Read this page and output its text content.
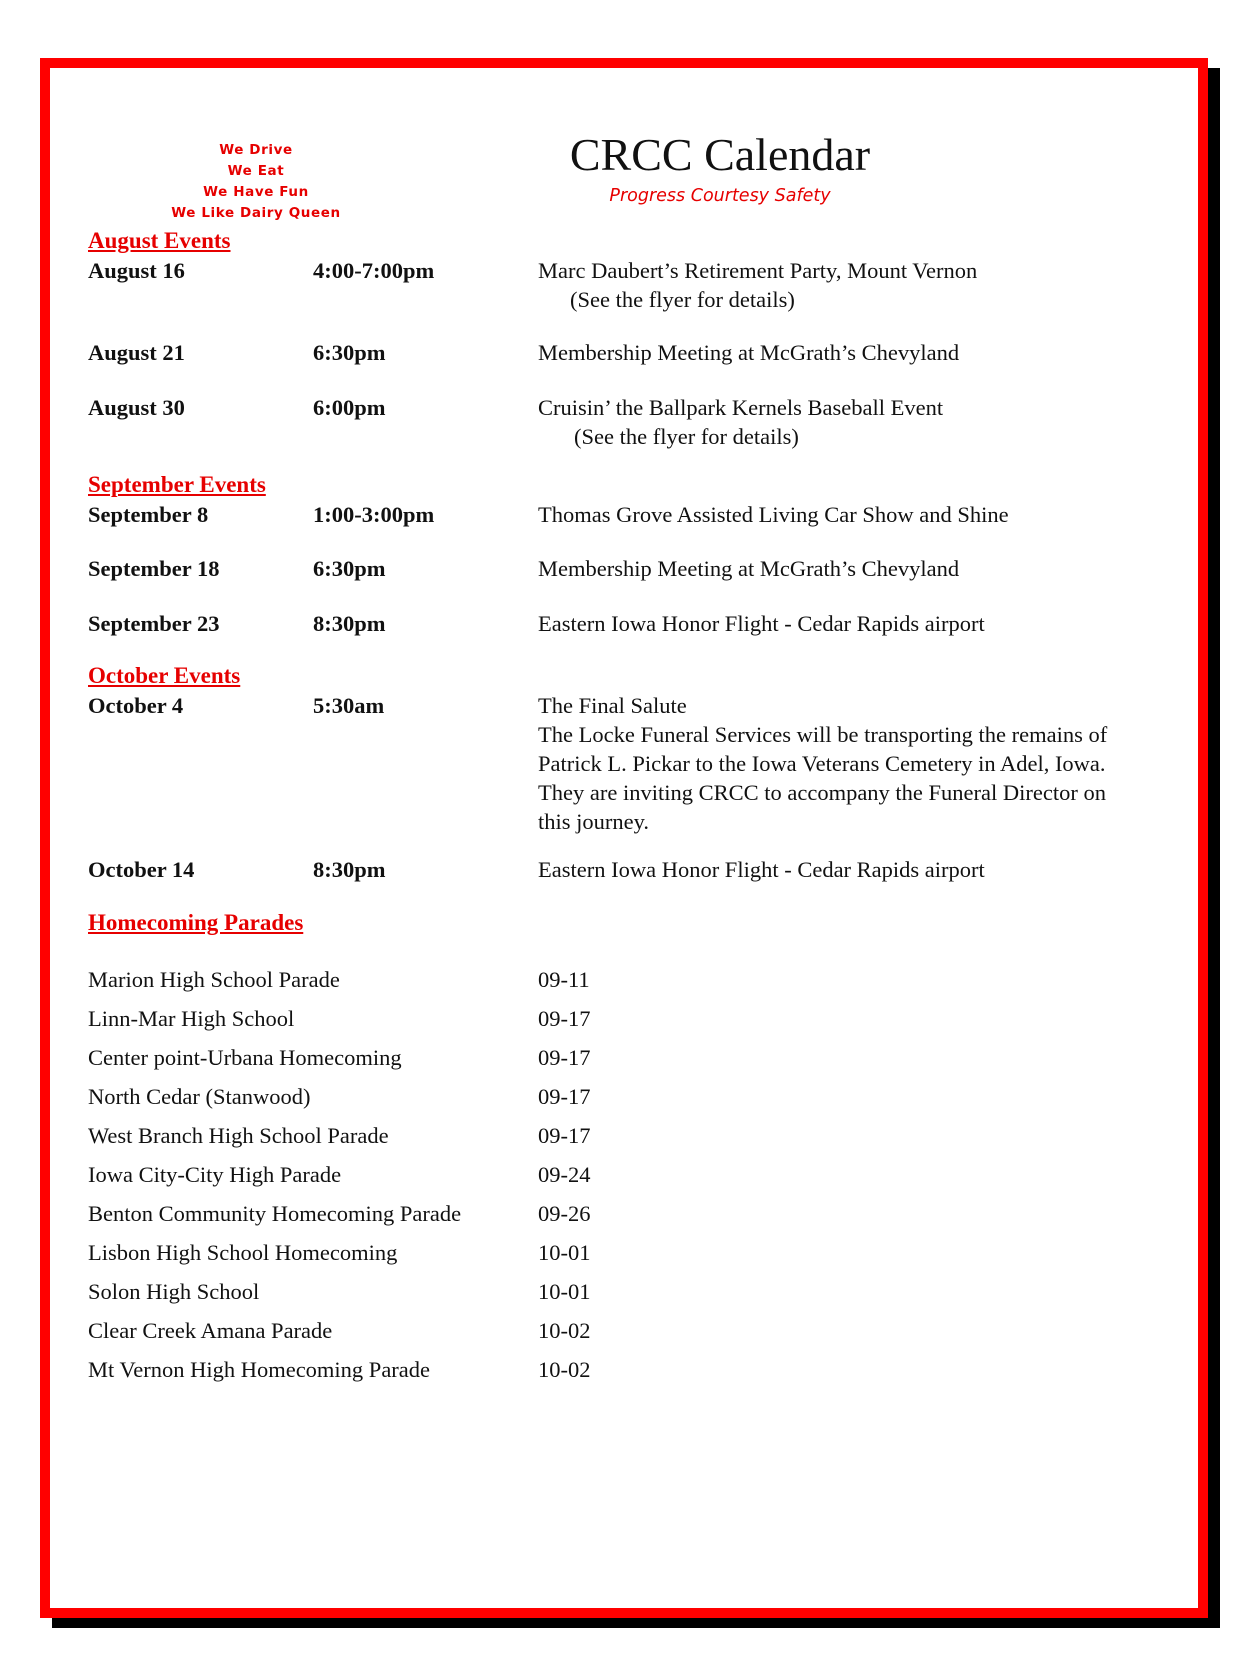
We Drive
We Eat
We Have Fun
We Like Dairy Queen
CRCC Calendar
Progress Courtesy Safety
August Events
August 16	4:00-7:00pm	Marc Daubert’s Retirement Party, Mount Vernon
(See the flyer for details)
August 21	6:30pm	Membership Meeting at McGrath’s Chevyland
August 30	6:00pm	Cruisin’ the Ballpark Kernels Baseball Event
(See the flyer for details)
September Events
September 8	1:00-3:00pm	Thomas Grove Assisted Living Car Show and Shine
September 18	6:30pm	Membership Meeting at McGrath’s Chevyland
September 23	8:30pm	Eastern Iowa Honor Flight - Cedar Rapids airport
October Events
October 4	5:30am	The Final Salute
The Locke Funeral Services will be transporting the remains of Patrick L. Pickar to the Iowa Veterans Cemetery in Adel, Iowa. They are inviting CRCC to accompany the Funeral Director on this journey.
October 14	8:30pm	Eastern Iowa Honor Flight - Cedar Rapids airport
Homecoming Parades
Marion High School Parade	09-11
Linn-Mar High School	09-17
Center point-Urbana Homecoming	09-17
North Cedar (Stanwood)	09-17
West Branch High School Parade	09-17
Iowa City-City High Parade	09-24
Benton Community Homecoming Parade	09-26
Lisbon High School Homecoming	10-01
Solon High School	10-01
Clear Creek Amana Parade	10-02
Mt Vernon High Homecoming Parade	10-02
